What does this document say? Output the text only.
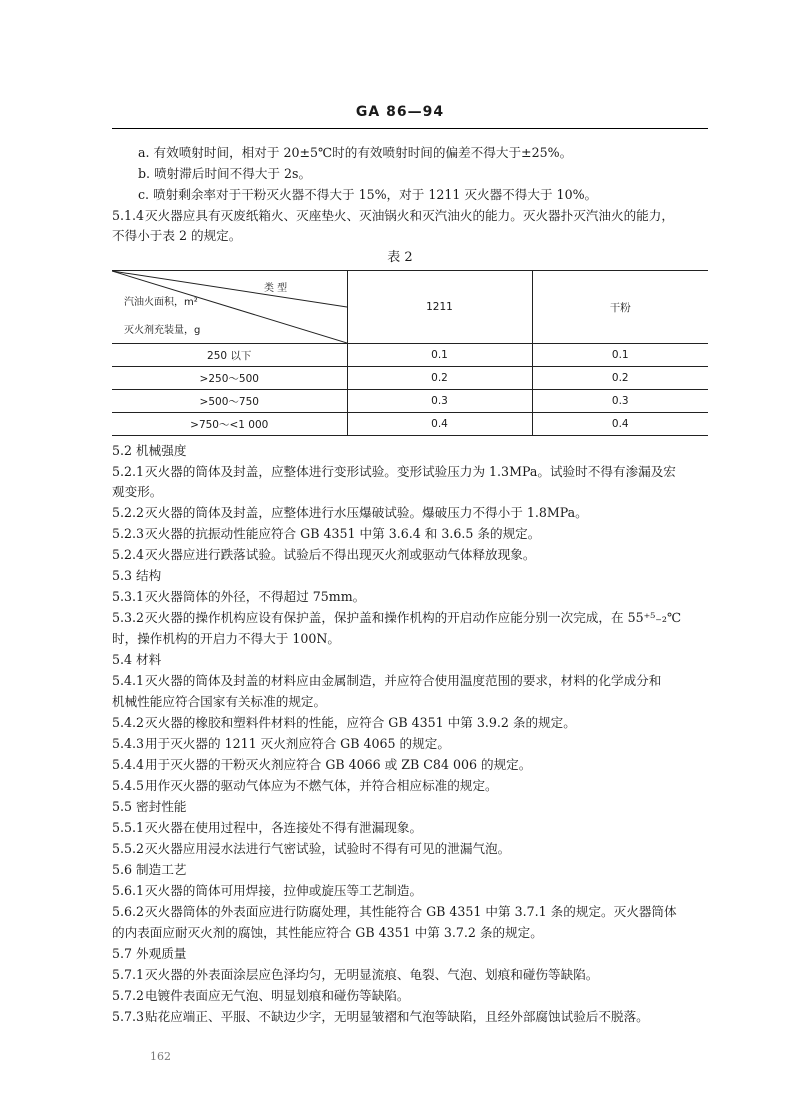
GA 86—94
a. 有效喷射时间，相对于 20±5℃时的有效喷射时间的偏差不得大于±25%。
b. 喷射滞后时间不得大于 2s。
c. 喷射剩余率对于干粉灭火器不得大于 15%，对于 1211 灭火器不得大于 10%。
5.1.4灭火器应具有灭废纸箱火、灭座垫火、灭油锅火和灭汽油火的能力。灭火器扑灭汽油火的能力，
不得小于表 2 的规定。
表 2
类 型
汽油火面积，m²
灭火剂充装量，g	1211	干粉
250 以下	0.1	0.1
>250～500	0.2	0.2
>500～750	0.3	0.3
>750～<1 000	0.4	0.4
5.2 机械强度
5.2.1灭火器的筒体及封盖，应整体进行变形试验。变形试验压力为 1.3MPa。试验时不得有渗漏及宏
观变形。
5.2.2灭火器的筒体及封盖，应整体进行水压爆破试验。爆破压力不得小于 1.8MPa。
5.2.3灭火器的抗振动性能应符合 GB 4351 中第 3.6.4 和 3.6.5 条的规定。
5.2.4灭火器应进行跌落试验。试验后不得出现灭火剂或驱动气体释放现象。
5.3 结构
5.3.1灭火器筒体的外径，不得超过 75mm。
5.3.2灭火器的操作机构应设有保护盖，保护盖和操作机构的开启动作应能分别一次完成，在 55⁺⁵₋₂℃
时，操作机构的开启力不得大于 100N。
5.4 材料
5.4.1灭火器的筒体及封盖的材料应由金属制造，并应符合使用温度范围的要求，材料的化学成分和
机械性能应符合国家有关标准的规定。
5.4.2灭火器的橡胶和塑料件材料的性能，应符合 GB 4351 中第 3.9.2 条的规定。
5.4.3用于灭火器的 1211 灭火剂应符合 GB 4065 的规定。
5.4.4用于灭火器的干粉灭火剂应符合 GB 4066 或 ZB C84 006 的规定。
5.4.5用作灭火器的驱动气体应为不燃气体，并符合相应标准的规定。
5.5 密封性能
5.5.1灭火器在使用过程中，各连接处不得有泄漏现象。
5.5.2灭火器应用浸水法进行气密试验，试验时不得有可见的泄漏气泡。
5.6 制造工艺
5.6.1灭火器的筒体可用焊接，拉伸或旋压等工艺制造。
5.6.2灭火器筒体的外表面应进行防腐处理，其性能符合 GB 4351 中第 3.7.1 条的规定。灭火器筒体
的内表面应耐灭火剂的腐蚀，其性能应符合 GB 4351 中第 3.7.2 条的规定。
5.7 外观质量
5.7.1灭火器的外表面涂层应色泽均匀，无明显流痕、龟裂、气泡、划痕和碰伤等缺陷。
5.7.2电镀件表面应无气泡、明显划痕和碰伤等缺陷。
5.7.3贴花应端正、平服、不缺边少字，无明显皱褶和气泡等缺陷，且经外部腐蚀试验后不脱落。
162
